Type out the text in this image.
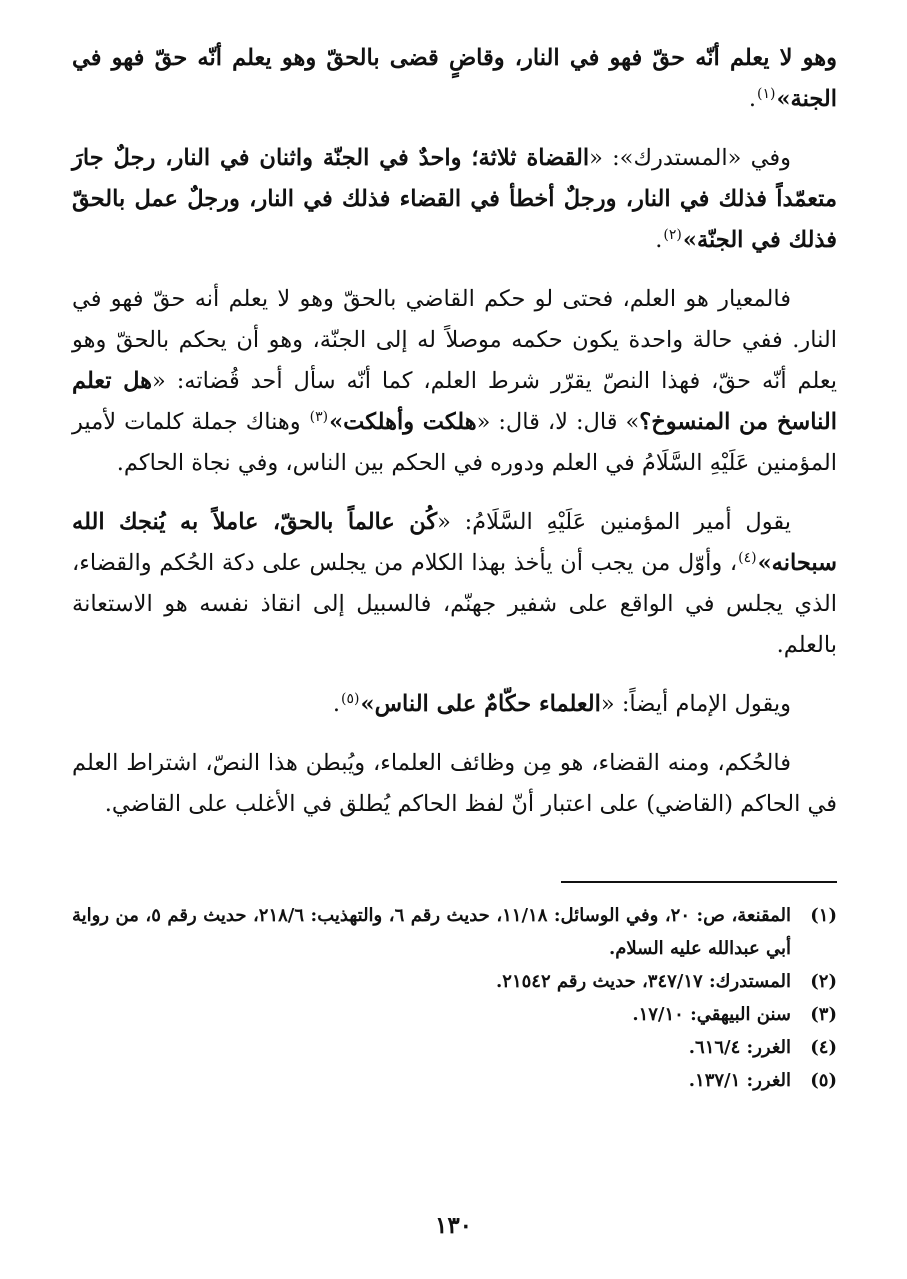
وهو لا يعلم أنّه حقّ فهو في النار، وقاضٍ قضى بالحقّ وهو يعلم أنّه حقّ فهو في الجنة»$^{(١)}$.

وفي «المستدرك»: «القضاة ثلاثة؛ واحدٌ في الجنّة واثنان في النار، رجلٌ جارَ متعمّداً فذلك في النار، ورجلٌ أخطأ في القضاء فذلك في النار، ورجلٌ عمل بالحقّ فذلك في الجنّة»$^{(٢)}$.

فالمعيار هو العلم، فحتى لو حكم القاضي بالحقّ وهو لا يعلم أنه حقّ فهو في النار. ففي حالة واحدة يكون حكمه موصلاً له إلى الجنّة، وهو أن يحكم بالحقّ وهو يعلم أنّه حقّ، فهذا النصّ يقرّر شرط العلم، كما أنّه سأل أحد قُضاته: «هل تعلم الناسخ من المنسوخ؟» قال: لا، قال: «هلكت وأهلكت»$^{(٣)}$ وهناك جملة كلمات لأمير المؤمنين عَلَيْهِ السَّلَامُ في العلم ودوره في الحكم بين الناس، وفي نجاة الحاكم.

يقول أمير المؤمنين عَلَيْهِ السَّلَامُ: «كُن عالماً بالحقّ، عاملاً به يُنجك الله سبحانه»$^{(٤)}$، وأوّل من يجب أن يأخذ بهذا الكلام من يجلس على دكة الحُكم والقضاء، الذي يجلس في الواقع على شفير جهنّم، فالسبيل إلى انقاذ نفسه هو الاستعانة بالعلم.

ويقول الإمام أيضاً: «العلماء حكّامٌ على الناس»$^{(٥)}$.

فالحُكم، ومنه القضاء، هو مِن وظائف العلماء، ويُبطن هذا النصّ، اشتراط العلم في الحاكم (القاضي) على اعتبار أنّ لفظ الحاكم يُطلق في الأغلب على القاضي.

(١)
المقنعة، ص: ٢٠، وفي الوسائل: ١١/١٨، حديث رقم ٦، والتهذيب: ٢١٨/٦، حديث رقم ٥، من رواية أبي عبدالله عليه السلام.
(٢)
المستدرك: ٣٤٧/١٧، حديث رقم ٢١٥٤٢.
(٣)
سنن البيهقي: ١٧/١٠.
(٤)
الغرر: ٦١٦/٤.
(٥)
الغرر: ١٣٧/١.
١٣٠
